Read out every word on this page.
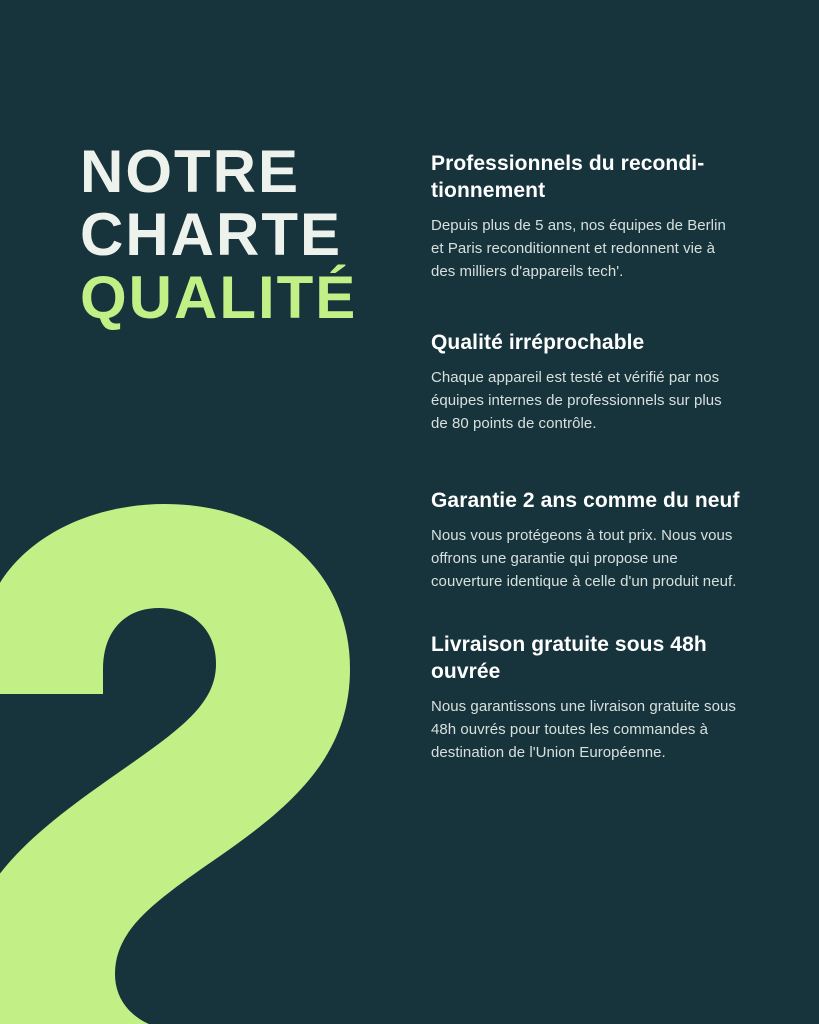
NOTRE
CHARTE
QUALITÉ
Professionnels du reconditionnement

Depuis plus de 5 ans, nos équipes de Berlin et Paris reconditionnent et redonnent vie à des milliers d'appareils tech'.

Qualité irréprochable

Chaque appareil est testé et vérifié par nos équipes internes de professionnels sur plus de 80 points de contrôle.

Garantie 2 ans comme du neuf

Nous vous protégeons à tout prix. Nous vous offrons une garantie qui propose une couverture identique à celle d'un produit neuf.

Livraison gratuite sous 48h ouvrée

Nous garantissons une livraison gratuite sous 48h ouvrés pour toutes les commandes à destination de l'Union Européenne.
